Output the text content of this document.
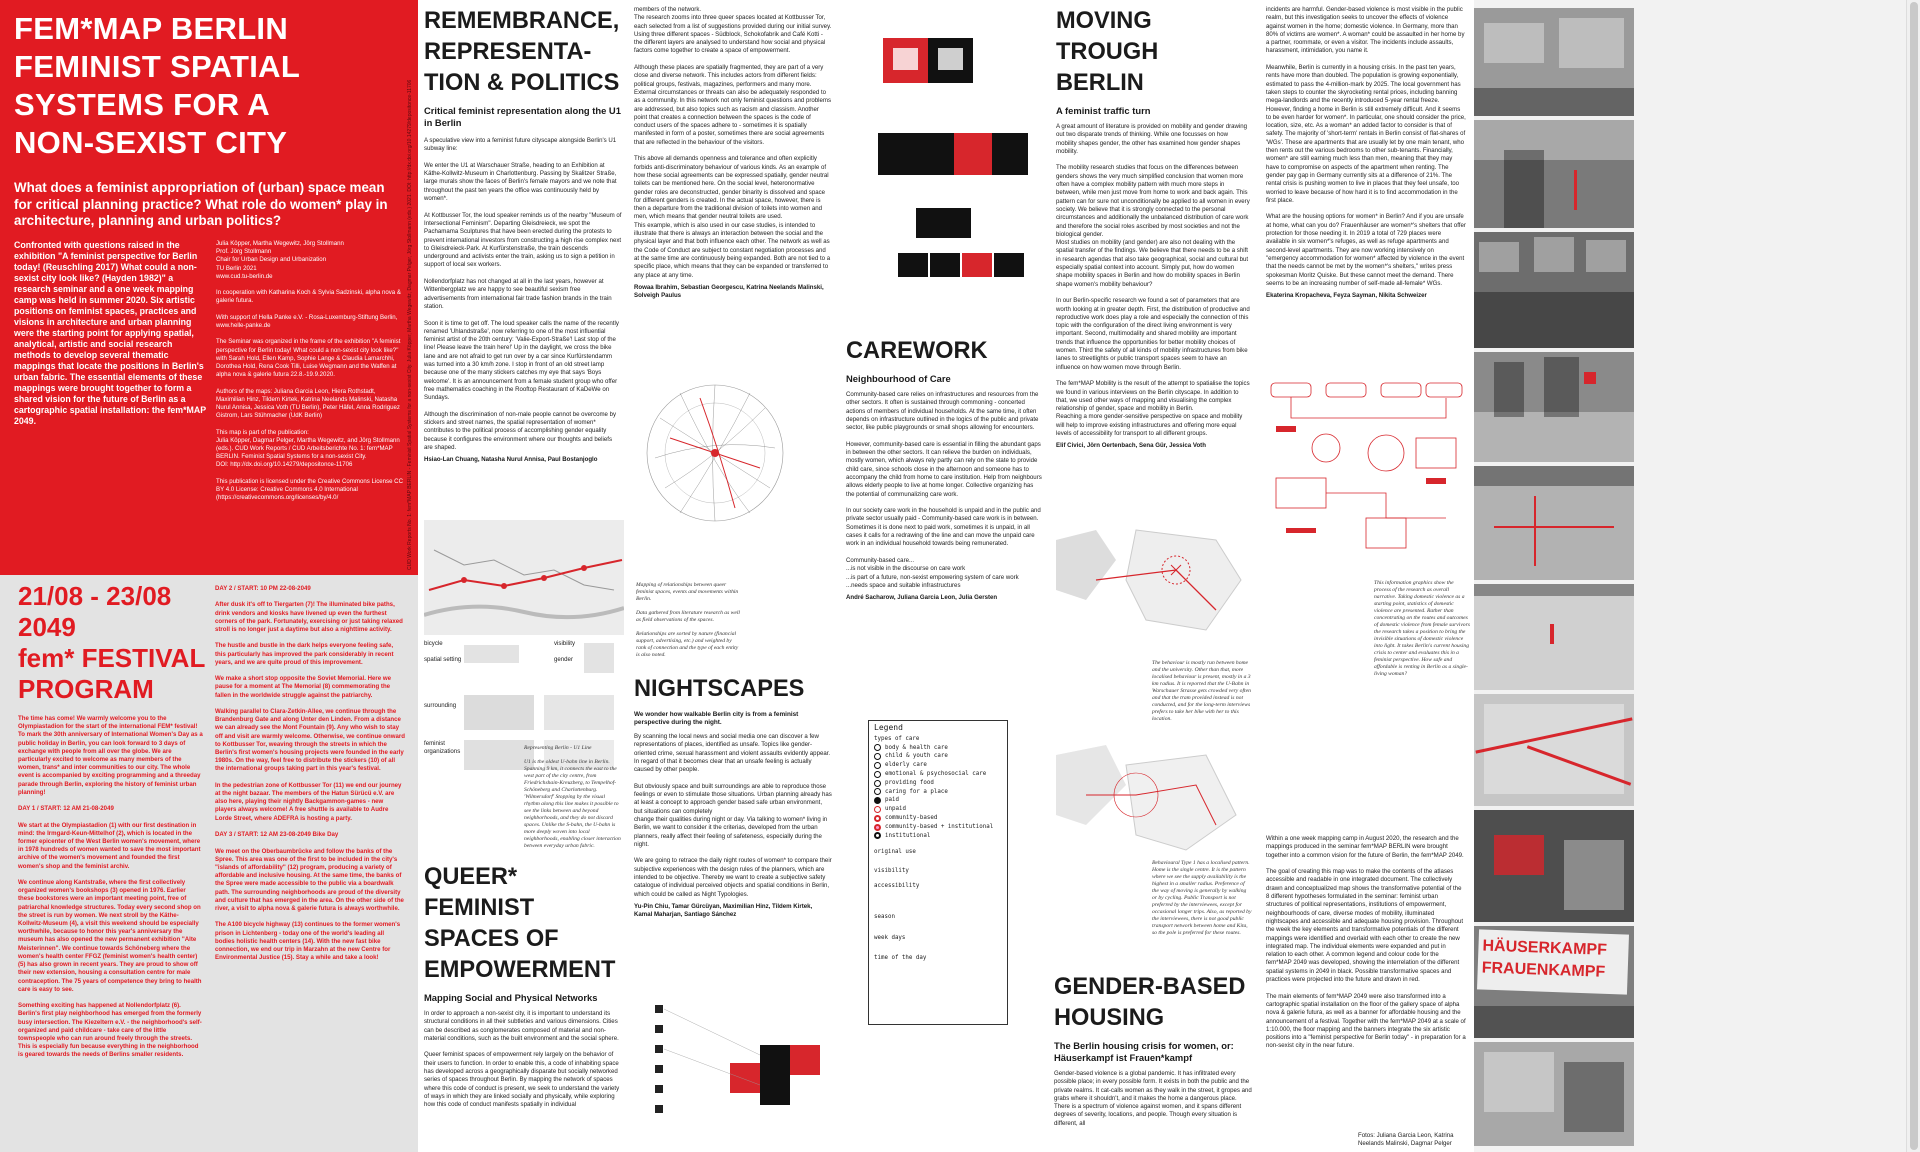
FEM*MAP BERLIN
FEMINIST SPATIAL
SYSTEMS FOR A
NON-SEXIST CITY

What does a feminist appropriation of (urban) space mean for critical planning practice? What role do women* play in architecture, planning and urban politics?

Confronted with questions raised in the exhibition "A feminist perspective for Berlin today! (Reuschling 2017) What could a non-sexist city look like? (Hayden 1982)" a research seminar and a one week mapping camp was held in summer 2020. Six artistic positions on feminist spaces, practices and visions in architecture and urban planning were the starting point for applying spatial, analytical, artistic and social research methods to develop several thematic mappings that locate the positions in Berlin's urban fabric. The essential elements of these mappings were brought together to form a shared vision for the future of Berlin as a cartographic spatial installation: the fem*MAP 2049.

Julia Köpper, Martha Wegewitz, Jörg Stollmann
Prof. Jörg Stollmann
Chair for Urban Design and Urbanization
TU Berlin 2021
www.cud.tu-berlin.de

In cooperation with Katharina Koch & Sylvia Sadzinski, alpha nova & galerie futura.

With support of Hella Panke e.V. - Rosa-Luxemburg-Stiftung Berlin, www.helle-panke.de

The Seminar was organized in the frame of the exhibition "A feminist perspective for Berlin today! What could a non-sexist city look like?" with Sarah Hold, Ellen Kamp, Sophie Lange & Claudia Lamarchhi, Dorothea Hold, Rena Cook Tilli, Luise Wegmann and the Waffen at alpha nova & galerie futura 22.8.-19.9.2020.

Authors of the maps: Juliana Garcia Leon, Hiera Rothstadt, Maximilian Hinz, Tildem Kirtek, Katrina Neelands Malinski, Natasha Nurul Annisa, Jessica Voth (TU Berlin), Peter Häfel, Anna Rodriguez Gistrom, Lars Stühmacher (UdK Berlin)

This map is part of the publication:
Julia Köpper, Dagmar Pelger, Martha Wegewitz, and Jörg Stollmann (eds.). CUD Work Reports / CUD Arbeitsberichte No. 1: fem*MAP BERLIN. Feminist Spatial Systems for a non-sexist City.
DOI: http://dx.doi.org/10.14279/depositonce-11706

This publication is licensed under the Creative Commons License CC BY 4.0 License: Creative Commons 4.0 International (https://creativecommons.org/licenses/by/4.0/	CUD Work Reports No. 1: fem*MAP BERLIN - Feminist Spatial Systems for a non-sexist City. Julia Köpper, Martha Wegewitz, Dagmar Pelger, Jörg Stollmann (eds.) 2021. DOI: http://dx.doi.org/10.14279/depositonce-11706
21/08 - 23/08
2049
fem* FESTIVAL
PROGRAM

The time has come! We warmly welcome you to the Olympiastadion for the start of the international FEM* festival! To mark the 30th anniversary of International Women's Day as a public holiday in Berlin, you can look forward to 3 days of exchange with people from all over the globe. We are particularly excited to welcome as many members of the women, trans* and inter communities to our city. The whole event is accompanied by exciting programming and a threeday parade through Berlin, exploring the history of feminist urban planning!

DAY 1 / START: 12 AM 21-08-2049

We start at the Olympiastadion (1) with our first destination in mind: the Irmgard-Keun-Mittelhof (2), which is located in the former epicenter of the West Berlin women's movement, where in 1978 hundreds of women wanted to save the most important archive of the women's movement and founded the first women's shop and the feminist archiv.

We continue along Kantstraße, where the first collectively organized women's bookshops (3) opened in 1976. Earlier these bookstores were an important meeting point, free of patriarchal knowledge structures. Today every second shop on the street is run by women. We next stroll by the Käthe-Kollwitz-Museum (4), a visit this weekend should be especially worthwhile, because to honor this year's anniversary the museum has also opened the new permanent exhibition "Alte Meisterinnen". We continue towards Schöneberg where the women's health center FFGZ (feminist women's health center) (5) has also grown in recent years. They are proud to show off their new extension, housing a consultation centre for male contraception. The 75 years of competence they bring to health care is easy to see.

Something exciting has happened at Nollendorfplatz (6). Berlin's first play neighborhood has emerged from the formerly busy intersection. The Kiezeltern e.V. - the neighborhood's self-organized and paid childcare - take care of the little townspeople who can run around freely through the streets. This is especially fun because everything in the neighborhood is geared towards the needs of Berlins smaller residents.

DAY 2 / START: 10 PM 22-08-2049

After dusk it's off to Tiergarten (7)! The illuminated bike paths, drink vendors and kiosks have livened up even the furthest corners of the park. Fortunately, exercising or just taking relaxed stroll is no longer just a daytime but also a nighttime activity.

The hustle and bustle in the dark helps everyone feeling safe, this particularly has improved the park considerably in recent years, and we are quite proud of this improvement.

We make a short stop opposite the Soviet Memorial. Here we pause for a moment at The Memorial (8) commemorating the fallen in the worldwide struggle against the patriarchy.

Walking parallel to Clara-Zetkin-Allee, we continue through the Brandenburg Gate and along Unter den Linden. From a distance we can already see the Mont Fountain (9). Any who wish to stay off and visit are warmly welcome. Otherwise, we continue onward to Kottbusser Tor, weaving through the streets in which the Berlin's first women's housing projects were founded in the early 1980s. On the way, feel free to distribute the stickers (10) of all the international groups taking part in this year's festival.

In the pedestrian zone of Kottbusser Tor (11) we end our journey at the night bazaar. The members of the Hatun Sürücü e.V. are also here, playing their nightly Backgammon-games - new players always welcome! A free shuttle is available to Audre Lorde Street, where ADEFRA is hosting a party.

DAY 3 / START: 12 AM 23-08-2049 Bike Day

We meet on the Oberbaumbrücke and follow the banks of the Spree. This area was one of the first to be included in the city's "islands of affordability" (12) program, producing a variety of affordable and inclusive housing. At the same time, the banks of the Spree were made accessible to the public via a boardwalk path. The surrounding neighborhoods are proud of the diversity and culture that has emerged in the area. On the other side of the river, a visit to alpha nova & galerie futura is always worthwhile.

The A100 bicycle highway (13) continues to the former women's prison in Lichtenberg - today one of the world's leading all bodies holistic health centers (14). With the new fast bike connection, we end our trip in Marzahn at the new Centre for Environmental Justice (15). Stay a while and take a look!

REMEMBRANCE,
REPRESENTA-
TION & POLITICS

Critical feminist representation along the U1 in Berlin

A speculative view into a feminist future cityscape alongside Berlin's U1 subway line:

We enter the U1 at Warschauer Straße, heading to an Exhibition at Käthe-Kollwitz-Museum in Charlottenburg. Passing by Skalitzer Straße, large murals show the faces of Berlin's female mayors and we note that throughout the past ten years the office was continuously held by women*.

At Kottbusser Tor, the loud speaker reminds us of the nearby "Museum of Intersectional Feminism". Departing Gleisdreieck, we spot the Pachamama Sculptures that have been erected during the protests to prevent international investors from constructing a high rise complex next to Gleisdreieck-Park. At Kurfürstenstraße, the train descends underground and activists enter the train, asking us to sign a petition in support of local sex workers.

Nollendorfplatz has not changed at all in the last years, however at Wittenbergplatz we are happy to see beautiful sexism free advertisements from international fair trade fashion brands in the train station.

Soon it is time to get off. The loud speaker calls the name of the recently renamed 'Uhlandstraße', now referring to one of the most influential feminist artist of the 20th century: 'Valie-Export-Straße'! Last stop of the line! Please leave the train here!' Up in the daylight, we cross the bike lane and are not afraid to get run over by a car since Kurfürstendamm was turned into a 30 km/h zone. I stop in front of an old street lamp because one of the many stickers catches my eye that says 'Boys welcome'. It is an announcement from a female student group who offer free mathematics coaching in the Rooftop Restaurant of KaDeWe on Sundays.

Although the discrimination of non-male people cannot be overcome by stickers and street names, the spatial representation of women* contributes to the political process of accomplishing gender equality because it configures the environment where our thoughts and beliefs are shaped.

Hsiao-Lan Chuang, Natasha Nurul Annisa, Paul Bostanjoglo

bicycle	visibility
spatial setting	gender
surrounding
feminist organizations

Representing Berlin - U1 Line

U1 is the oldest U-bahn line in Berlin. Spanning 9 km, it connects the east to the west part of the city centre, from Friedrichshain-Kreuzberg, to Tempelhof-Schöneberg and Charlottenburg. 'Wilmersdorf' Stopping by the visual rhythm along this line makes it possible to see the links between and beyond neighborhoods, and they do not discard spaces. Unlike the S-bahn, the U-bahn is more deeply woven into local neighborhoods, enabling closer interaction between everyday urban fabric.

members of the network.
The research zooms into three queer spaces located at Kottbusser Tor, each selected from a list of suggestions provided during our initial survey. Using three different spaces - Südblock, Schokofabrik and Café Kotti - the different layers are analysed to understand how social and physical factors come together to create a space of empowerment.

Although these places are spatially fragmented, they are part of a very close and diverse network. This includes actors from different fields: political groups, festivals, magazines, performers and many more. External circumstances or threats can also be adequately responded to as a community. In this network not only feminist questions and problems are addressed, but also topics such as racism and classism. Another point that creates a connection between the spaces is the code of conduct users of the spaces adhere to - sometimes it is spatially manifested in form of a poster, sometimes there are social agreements that are reflected in the behaviour of the visitors.

This above all demands openness and tolerance and often explicitly forbids anti-discriminatory behaviour of various kinds. As an example of how these social agreements can be expressed spatially, gender neutral toilets can be mentioned here. On the social level, heteronormative gender roles are deconstructed, gender binarity is dissolved and space for different genders is created. In the actual space, however, there is then a departure from the traditional division of toilets into women and men, which means that gender neutral toilets are used.
This example, which is also used in our case studies, is intended to illustrate that there is always an interaction between the social and the physical layer and that both influence each other. The network as well as the Code of Conduct are subject to constant negotiation processes and at the same time are continuously being expanded. Both are not tied to a specific place, which means that they can be expanded or transferred to any place at any time.

Rowaa Ibrahim, Sebastian Georgescu, Katrina Neelands Malinski, Solveigh Paulus

Mapping of relationships between queer feminist spaces, events and movements within Berlin.

Data gathered from literature research as well as field observations of the spaces.

Relationships are sorted by nature (financial support, advertising, etc.) and weighted by rank of connection and the type of each entity is also noted.

QUEER*
FEMINIST
SPACES OF
EMPOWERMENT

Mapping Social and Physical Networks

In order to approach a non-sexist city, it is important to understand its structural conditions in all their subtleties and various dimensions. Cities can be described as conglomerates composed of material and non-material conditions, such as the built environment and the social sphere.

Queer feminist spaces of empowerment rely largely on the behavior of their users to function. In order to enable this, a code of inhabiting space has developed across a geographically disparate but socially networked series of spaces throughout Berlin. By mapping the network of spaces where this code of conduct is present, we seek to understand the variety of ways in which they are linked socially and physically, while exploring how this code of conduct manifests spatially in individual

NIGHTSCAPES

We wonder how walkable Berlin city is from a feminist perspective during the night.

By scanning the local news and social media one can discover a few representations of places, identified as unsafe. Topics like gender-oriented crime, sexual harassment and violent assaults evidently appear. In regard of that it becomes clear that an unsafe feeling is actually caused by other people.

But obviously space and built surroundings are able to reproduce those feelings or even to stimulate those situations. Urban planning already has at least a concept to approach gender based safe urban environment, but situations can completely
change their qualities during night or day. Via talking to women* living in Berlin, we want to consider it the criterias, developed from the urban planners, really affect their feeling of safeteness, especially during the night.

We are going to retrace the daily night routes of women* to compare their subjective experiences with the design rules of the planners, which are intended to be objective. Thereby we want to create a subjective safety catalogue of individual perceived objects and spatial conditions in Berlin, which could be called as Night Typologies.

Yu-Pin Chiu, Tamar Gürcüyan, Maximilian Hinz, Tildem Kirtek, Kamal Maharjan, Santiago Sánchez

CAREWORK

Neighbourhood of Care

Community-based care relies on infrastructures and resources from the other sectors. It often is sustained through commoning - concerted actions of members of individual households. At the same time, it often depends on infrastructure outlined in the logics of the public and private sector, like public playgrounds or small shops allowing for encounters.

However, community-based care is essential in filling the abundant gaps in between the other sectors. It can relieve the burden on individuals, mostly women, which always rely partly can rely on the state to provide child care, since schools close in the afternoon and someone has to accompany the child from home to care institution. Help from neighbours allows elderly people to live at home longer. Collective organizing has the potential of communalizing care work.

In our society care work in the household is unpaid and in the public and private sector usually paid - Community-based care work is in between. Sometimes it is done next to paid work, sometimes it is unpaid, in all cases it calls for a redrawing of the line and can move the unpaid care work in an individual household towards being remunerated.

Community-based care...
...is not visible in the discourse on care work
...is part of a future, non-sexist empowering system of care work
...needs space and suitable infrastructures

André Sacharow, Juliana Garcia Leon, Julia Gersten

Legend
types of care
body & health care
child & youth care
elderly care
emotional & psychosocial care
providing food
caring for a place
paid
unpaid
community-based
community-based + institutional
institutional
original use
visibility
accessibility
season
week days
time of the day
MOVING
TROUGH BERLIN

A feminist traffic turn

A great amount of literature is provided on mobility and gender drawing out two disparate trends of thinking. While one focusses on how mobility shapes gender, the other has examined how gender shapes mobility.

The mobility research studies that focus on the differences between genders shows the very much simplified conclusion that women more often have a complex mobility pattern with much more steps in between, while men just move from home to work and back again. This pattern can for sure not unconditionally be applied to all women in every society. We believe that it is strongly connected to the personal circumstances and additionally the unbalanced distribution of care work and therefore the social roles ascribed by most societies and not the biological gender.
Most studies on mobility (and gender) are also not dealing with the spatial transfer of the findings. We believe that there needs to be a shift in research agendas that also take geographical, social and cultural but especially spatial context into account. Simply put, how do women shape mobility spaces in Berlin and how do mobility spaces in Berlin shape women's mobility behaviour?

In our Berlin-specific research we found a set of parameters that are worth looking at in greater depth. First, the distribution of productive and reproductive work does play a role and especially the connection of this topic with the configuration of the direct living environment is very important. Second, multimodality and shared mobility are important trends that influence the opportunities for better mobility choices of women. Third the safety of all kinds of mobility infrastructures from bike lanes to streetlights or public transport spaces seem to have an influence on how women move through Berlin.

The fem*MAP Mobility is the result of the attempt to spatialise the topics we found in various interviews on the Berlin cityscape. In addition to that, we used other ways of mapping and visualising the complex relationship of gender, space and mobility in Berlin.
Reaching a more gender-sensitive perspective on space and mobility will help to improve existing infrastructures and offering more equal levels of accessibility for transport to all different groups.

Elif Civici, Jörn Oertenbach, Sena Gür, Jessica Voth

The behaviour is mostly run between home and the university. Other than that, more localised behaviour is present, mostly in a 3 km radius. It is reported that the U-Bahn in Warschauer Strasse gets crowded very often and that the tram provided instead is not conducted, and for the long-term interviews prefers to take her bike with her to this location.

Behavioural Type 1 has a localised pattern. Home is the single centre. It is the pattern where we see the supply availability is the highest in a smaller radius. Preference of the way of moving is generally by walking or by cycling. Public Transport is not preferred by the interviewees, except for occasional longer trips. Also, as reported by the interviewees, there is not good public transport network between home and Kita, so the pole is preferred for these routes.

GENDER-BASED
HOUSING

The Berlin housing crisis for women, or: Häuserkampf ist Frauen*kampf

Gender-based violence is a global pandemic. It has infiltrated every possible place; in every possible form. It exists in both the public and the private realms. It cat-calls women as they walk in the street, it gropes and grabs where it shouldn't, and it makes the home a dangerous place. There is a spectrum of violence against women, and it spans different degrees of severity, locations, and people. Though every situation is different, all

incidents are harmful. Gender-based violence is most visible in the public realm, but this investigation seeks to uncover the effects of violence against women in the home; domestic violence. In Germany, more than 80% of victims are women*. A woman* could be assaulted in her home by a partner, roommate, or even a visitor. The incidents include assaults, harassment, intimidation, you name it.

Meanwhile, Berlin is currently in a housing crisis. In the past ten years, rents have more than doubled. The population is growing exponentially, estimated to pass the 4-million-mark by 2025. The local government has taken steps to counter the skyrocketing rental prices, including banning mega-landlords and the recently introduced 5-year rental freeze. However, finding a home in Berlin is still extremely difficult. And it seems to be even harder for women*. In particular, one should consider the price, location, size, etc. As a woman* an added factor to consider is that of safety. The majority of 'short-term' rentals in Berlin consist of flat-shares of 'WGs'. These are apartments that are usually let by one main tenant, who then rents out the various bedrooms to other sub-tenants. Financially, women* are still earning much less than men, meaning that they may have to compromise on aspects of the apartment when renting. The gender pay gap in Germany currently sits at a difference of 21%. The rental crisis is pushing women to live in places that they feel unsafe, too worried to leave because of how hard it is to find accommodation in the first place.

What are the housing options for women* in Berlin? And if you are unsafe at home, what can you do? Frauenhäuser are women*'s shelters that offer protection for those needing it. In 2019 a total of 729 places were available in six women*'s refuges, as well as refuge apartments and second-level apartments. They are now working intensively on "emergency accommodation for women* affected by violence in the event that the needs cannot be met by the women*'s shelters," writes press spokesman Moritz Quiske. But these cannot meet the demand. There seems to be an increasing number of self-made all-female* WGs.

Ekaterina Kropacheva, Feyza Sayman, Nikita Schweizer

This information graphics show the process of the research as overall narrative. Taking domestic violence as a starting point, statistics of domestic violence are presented. Rather than concentrating on the routes and outcomes of domestic violence from female survivors the research takes a position to bring the invisible situations of domestic violence into light. It takes Berlin's current housing crisis to center and evaluates this in a feminist perspective. How safe and affordable is renting in Berlin as a single-living woman?

Within a one week mapping camp in August 2020, the research and the mappings produced in the seminar fem*MAP BERLIN were brought together into a common vision for the future of Berlin, the fem*MAP 2049.

The goal of creating this map was to make the contents of the atlases accessible and readable in one integrated document. The collectively drawn and conceptualized map shows the transformative potential of the 8 different hypotheses formulated in the seminar: feminist urban structures of political representations, institutions of empowerment, neighbourhoods of care, diverse modes of mobility, illuminated nightscapes and accessible and adequate housing provision. Throughout the week the key elements and transformative potentials of the different mappings were identified and overlaid with each other to create the new integrated map. The individual elements were expanded and put in relation to each other. A common legend and colour code for the fem*MAP 2049 was developed, showing the interrelation of the different spatial systems in 2049 in black. Possible transformative spaces and practices were projected into the future and drawn in red.

The main elements of fem*MAP 2049 were also transformed into a cartographic spatial installation on the floor of the gallery space of alpha nova & galerie futura, as well as a banner for affordable housing and the announcement of a festival. Together with the fem*MAP 2049 at a scale of 1:10.000, the floor mapping and the banners integrate the six artistic positions into a "feminist perspective for Berlin today" - in preparation for a non-sexist city in the near future.

Fotos: Juliana Garcia Leon, Katrina Neelands Malinski, Dagmar Pelger

HÄUSERKAMPF
FRAUENKAMPF
